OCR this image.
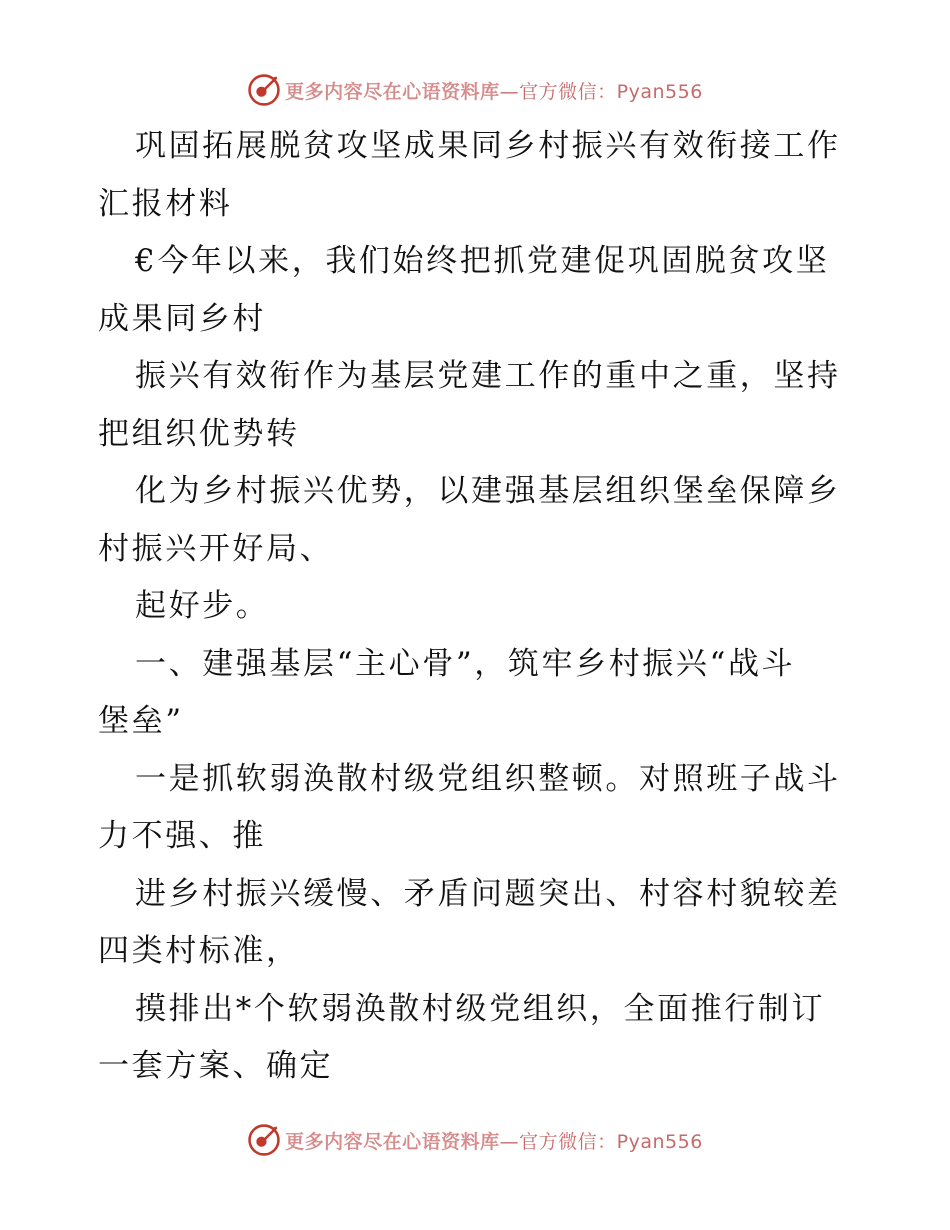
更多内容尽在心语资料库—官方微信：Pyan556
巩固拓展脱贫攻坚成果同乡村振兴有效衔接工作
汇报材料
€今年以来，我们始终把抓党建促巩固脱贫攻坚
成果同乡村
振兴有效衔作为基层党建工作的重中之重，坚持
把组织优势转
化为乡村振兴优势，以建强基层组织堡垒保障乡
村振兴开好局、
起好步。
一、建强基层“主心骨”，筑牢乡村振兴“战斗
堡垒”
一是抓软弱涣散村级党组织整顿。对照班子战斗
力不强、推
进乡村振兴缓慢、矛盾问题突出、村容村貌较差
四类村标准，
摸排出*个软弱涣散村级党组织，全面推行制订
一套方案、确定
更多内容尽在心语资料库—官方微信：Pyan556
